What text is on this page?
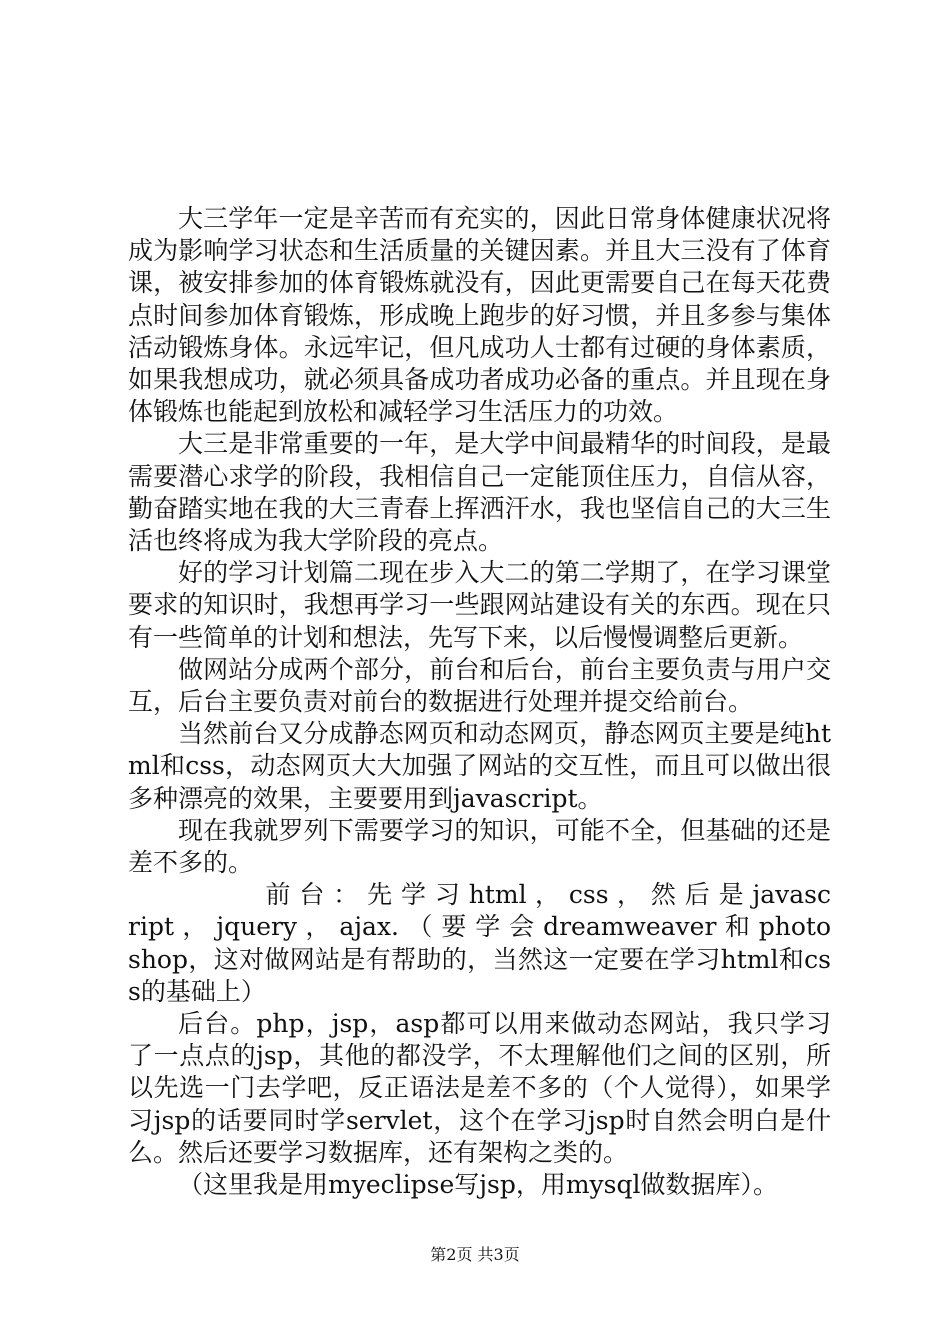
大三学年一定是辛苦而有充实的，因此日常身体健康状况将成为影响学习状态和生活质量的关键因素。并且大三没有了体育课，被安排参加的体育锻炼就没有，因此更需要自己在每天花费点时间参加体育锻炼，形成晚上跑步的好习惯，并且多参与集体活动锻炼身体。永远牢记，但凡成功人士都有过硬的身体素质，如果我想成功，就必须具备成功者成功必备的重点。并且现在身体锻炼也能起到放松和减轻学习生活压力的功效。

大三是非常重要的一年，是大学中间最精华的时间段，是最需要潜心求学的阶段，我相信自己一定能顶住压力，自信从容，勤奋踏实地在我的大三青春上挥洒汗水，我也坚信自己的大三生活也终将成为我大学阶段的亮点。

好的学习计划篇二现在步入大二的第二学期了，在学习课堂要求的知识时，我想再学习一些跟网站建设有关的东西。现在只有一些简单的计划和想法，先写下来，以后慢慢调整后更新。

做网站分成两个部分，前台和后台，前台主要负责与用户交互，后台主要负责对前台的数据进行处理并提交给前台。

当然前台又分成静态网页和动态网页，静态网页主要是纯html和css，动态网页大大加强了网站的交互性，而且可以做出很多种漂亮的效果，主要要用到javascript。

现在我就罗列下需要学习的知识，可能不全，但基础的还是差不多的。

前 台 ： 先 学 习 html ， css ， 然 后 是 javascript ， jquery ， ajax. （ 要 学 会 dreamweaver 和 photoshop，这对做网站是有帮助的，当然这一定要在学习html和css的基础上）

后台。php，jsp，asp都可以用来做动态网站，我只学习了一点点的jsp，其他的都没学，不太理解他们之间的区别，所以先选一门去学吧，反正语法是差不多的（个人觉得），如果学习jsp的话要同时学servlet，这个在学习jsp时自然会明白是什么。然后还要学习数据库，还有架构之类的。

（这里我是用myeclipse写jsp，用mysql做数据库）。

第2页 共3页
